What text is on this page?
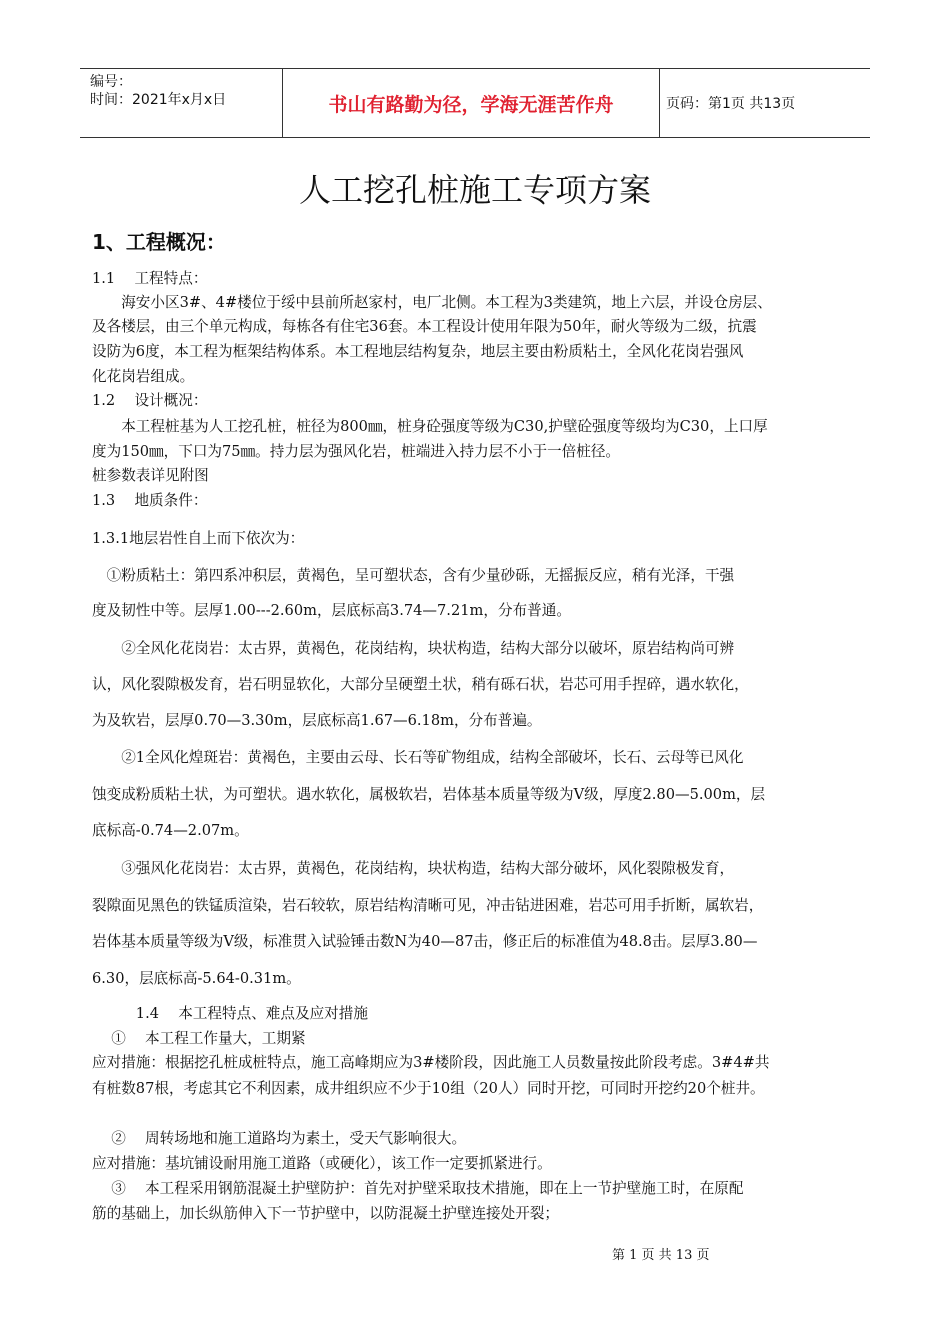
编号：
时间：2021年x月x日	书山有路勤为径，学海无涯苦作舟	页码：第1页 共13页
人工挖孔桩施工专项方案
1、工程概况：
1.1　 工程特点：
　　海安小区3#、4#楼位于绥中县前所赵家村，电厂北侧。本工程为3类建筑，地上六层，并设仓房层、
及各楼层，由三个单元构成，每栋各有住宅36套。本工程设计使用年限为50年，耐火等级为二级，抗震
设防为6度，本工程为框架结构体系。本工程地层结构复杂，地层主要由粉质粘土，全风化花岗岩强风
化花岗岩组成。
1.2　 设计概况：
　　本工程桩基为人工挖孔桩，桩径为800㎜，桩身砼强度等级为C30,护壁砼强度等级均为C30，上口厚
度为150㎜，下口为75㎜。持力层为强风化岩，桩端进入持力层不小于一倍桩径。
桩参数表详见附图
1.3　 地质条件：
1.3.1地层岩性自上而下依次为：
　①粉质粘土：第四系冲积层，黄褐色，呈可塑状态，含有少量砂砾，无摇振反应，稍有光泽，干强
度及韧性中等。层厚1.00---2.60m，层底标高3.74—7.21m，分布普通。
　　②全风化花岗岩：太古界，黄褐色，花岗结构，块状构造，结构大部分以破坏，原岩结构尚可辨
认，风化裂隙极发育，岩石明显软化，大部分呈硬塑土状，稍有砾石状，岩芯可用手捏碎，遇水软化，
为及软岩，层厚0.70—3.30m，层底标高1.67—6.18m，分布普遍。
　　②1全风化煌斑岩：黄褐色，主要由云母、长石等矿物组成，结构全部破坏，长石、云母等已风化
蚀变成粉质粘土状，为可塑状。遇水软化，属极软岩，岩体基本质量等级为Ⅴ级，厚度2.80—5.00m，层
底标高-0.74—2.07m。
　　③强风化花岗岩：太古界，黄褐色，花岗结构，块状构造，结构大部分破坏，风化裂隙极发育，
裂隙面见黑色的铁锰质渲染，岩石较软，原岩结构清晰可见，冲击钻进困难，岩芯可用手折断，属软岩，
岩体基本质量等级为Ⅴ级，标准贯入试验锤击数N为40—87击，修正后的标准值为48.8击。层厚3.80—
6.30，层底标高-5.64-0.31m。
　　　1.4　 本工程特点、难点及应对措施
　 ①　 本工程工作量大，工期紧
应对措施：根据挖孔桩成桩特点，施工高峰期应为3#楼阶段，因此施工人员数量按此阶段考虑。3#4#共
有桩数87根，考虑其它不利因素，成井组织应不少于10组（20人）同时开挖，可同时开挖约20个桩井。
　 ②　 周转场地和施工道路均为素土，受天气影响很大。
应对措施：基坑铺设耐用施工道路（或硬化），该工作一定要抓紧进行。
　 ③　 本工程采用钢筋混凝土护壁防护：首先对护壁采取技术措施，即在上一节护壁施工时，在原配
筋的基础上，加长纵筋伸入下一节护壁中，以防混凝土护壁连接处开裂；
第 1 页 共 13 页
